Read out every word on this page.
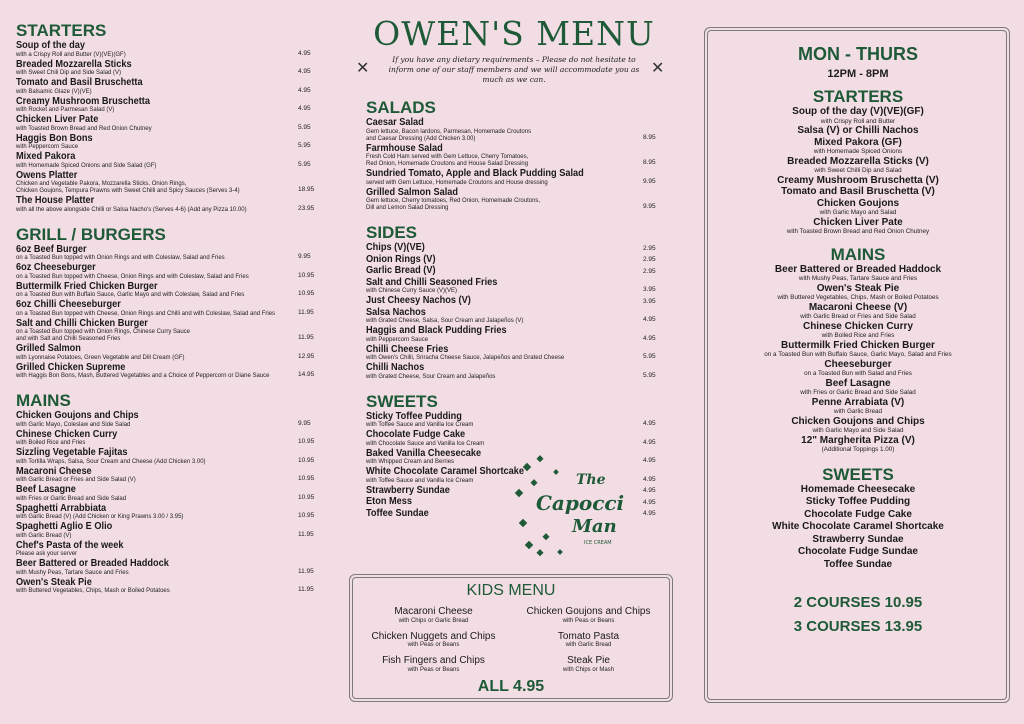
STARTERS
Soup of the day
with a Crispy Roll and Butter (V)(VE)(GF)	4.95
Breaded Mozzarella Sticks
with Sweet Chili Dip and Side Salad (V)	4.95
Tomato and Basil Bruschetta
with Balsamic Glaze (V)(VE)	4.95
Creamy Mushroom Bruschetta
with Rocket and Parmesan Salad (V)	4.95
Chicken Liver Pate
with Toasted Brown Bread and Red Onion Chutney	5.95
Haggis Bon Bons
with Peppercorn Sauce	5.95
Mixed Pakora
with Homemade Spiced Onions and Side Salad (GF)	5.95
Owens Platter
Chicken and Vegetable Pakora, Mozzarella Sticks, Onion Rings,
Chicken Goujons, Tempura Prawns with Sweet Chilli and Spicy Sauces (Serves 3-4)	18.95
The House Platter
with all the above alongside Chilli or Salsa Nacho's (Serves 4-6) (Add any Pizza 10.00)	23.95
GRILL / BURGERS
6oz Beef Burger
on a Toasted Bun topped with Onion Rings and with Coleslaw, Salad and Fries	9.95
6oz Cheeseburger
on a Toasted Bun topped with Cheese, Onion Rings and with Coleslaw, Salad and Fries	10.95
Buttermilk Fried Chicken Burger
on a Toasted Bun with Buffalo Sauce, Garlic Mayo and with Coleslaw, Salad and Fries	10.95
6oz Chilli Cheeseburger
on a Toasted Bun topped with Cheese, Onion Rings and Chilli and with Coleslaw, Salad and Fries	11.95
Salt and Chilli Chicken Burger
on a Toasted Bun topped with Onion Rings, Chinese Curry Sauce
and with Salt and Chilli Seasoned Fries	11.95
Grilled Salmon
with Lyonnaise Potatoes, Green Vegetable and Dill Cream (GF)	12.95
Grilled Chicken Supreme
with Haggis Bon Bons, Mash, Buttered Vegetables and a Choice of Peppercorn or Diane Sauce	14.95
MAINS
Chicken Goujons and Chips
with Garlic Mayo, Coleslaw and Side Salad	9.95
Chinese Chicken Curry
with Boiled Rice and Fries	10.95
Sizzling Vegetable Fajitas
with Tortilla Wraps, Salsa, Sour Cream and Cheese (Add Chicken 3.00)	10.95
Macaroni Cheese
with Garlic Bread or Fries and Side Salad (V)	10.95
Beef Lasagne
with Fries or Garlic Bread and Side Salad	10.95
Spaghetti Arrabbiata
with Garlic Bread (V) (Add Chicken or King Prawns 3.00 / 3.95)	10.95
Spaghetti Aglio E Olio
with Garlic Bread (V)	11.95
Chef's Pasta of the week
Please ask your server
Beer Battered or Breaded Haddock
with Mushy Peas, Tartare Sauce and Fries	11.95
Owen's Steak Pie
with Buttered Vegetables, Chips, Mash or Boiled Potatoes	11.95
OWEN'S MENU
If you have any dietary requirements – Please do not hesitate to inform one of our staff members and we will accommodate you as much as we can.
SALADS
Caesar Salad
Gem lettuce, Bacon lardons, Parmesan, Homemade Croutons
and Caesar Dressing (Add Chicken 3.00)	8.95
Farmhouse Salad
Fresh Cold Ham served with Gem Lettuce, Cherry Tomatoes,
Red Onion, Homemade Croutons and House Salad Dressing	8.95
Sundried Tomato, Apple and Black Pudding Salad
served with Gem Lettuce, Homemade Croutons and House dressing	9.95
Grilled Salmon Salad
Gem lettuce, Cherry tomatoes, Red Onion, Homemade Croutons,
Dill and Lemon Salad Dressing	9.95
SIDES
Chips (V)(VE)	2.95
Onion Rings (V)	2.95
Garlic Bread (V)	2.95
Salt and Chilli Seasoned Fries
with Chinese Curry Sauce (V)(VE)	3.95
Just Cheesy Nachos (V)	3.95
Salsa Nachos
with Grated Cheese, Salsa, Sour Cream and Jalapeños (V)	4.95
Haggis and Black Pudding Fries
with Peppercorn Sauce	4.95
Chilli Cheese Fries
with Owen's Chilli, Sriracha Cheese Sauce, Jalapeños and Grated Cheese	5.95
Chilli Nachos
with Grated Cheese, Sour Cream and Jalapeños	5.95
SWEETS
Sticky Toffee Pudding
with Toffee Sauce and Vanilla Ice Cream	4.95
Chocolate Fudge Cake
with Chocolate Sauce and Vanilla Ice Cream	4.95
Baked Vanilla Cheesecake
with Whipped Cream and Berries	4.95
White Chocolate Caramel Shortcake
with Toffee Sauce and Vanilla Ice Cream	4.95
Strawberry Sundae	4.95
Eton Mess	4.95
Toffee Sundae	4.95
✕	✕
The
Capocci
Man
ICE CREAM
KIDS MENU
Macaroni Cheese
with Chips or Garlic Bread
Chicken Goujons and Chips
with Peas or Beans
Chicken Nuggets and Chips
with Peas or Beans
Tomato Pasta
with Garlic Bread
Fish Fingers and Chips
with Peas or Beans
Steak Pie
with Chips or Mash
ALL 4.95
MON - THURS
12PM - 8PM
STARTERS
Soup of the day (V)(VE)(GF)
with Crispy Roll and Butter
Salsa (V) or Chilli Nachos
Mixed Pakora (GF)
with Homemade Spiced Onions
Breaded Mozzarella Sticks (V)
with Sweet Chilli Dip and Salad
Creamy Mushroom Bruschetta (V)
Tomato and Basil Bruschetta (V)
Chicken Goujons
with Garlic Mayo and Salad
Chicken Liver Pate
with Toasted Brown Bread and Red Onion Chutney
MAINS
Beer Battered or Breaded Haddock
with Mushy Peas, Tartare Sauce and Fries
Owen's Steak Pie
with Buttered Vegetables, Chips, Mash or Boiled Potatoes
Macaroni Cheese (V)
with Garlic Bread or Fries and Side Salad
Chinese Chicken Curry
with Boiled Rice and Fries
Buttermilk Fried Chicken Burger
on a Toasted Bun with Buffalo Sauce, Garlic Mayo, Salad and Fries
Cheeseburger
on a Toasted Bun with Salad and Fries
Beef Lasagne
with Fries or Garlic Bread and Side Salad
Penne Arrabiata (V)
with Garlic Bread
Chicken Goujons and Chips
with Garlic Mayo and Side Salad
12" Margherita Pizza (V)
(Additional Toppings 1.00)
SWEETS
Homemade Cheesecake
Sticky Toffee Pudding
Chocolate Fudge Cake
White Chocolate Caramel Shortcake
Strawberry Sundae
Chocolate Fudge Sundae
Toffee Sundae
2 COURSES 10.95
3 COURSES 13.95
